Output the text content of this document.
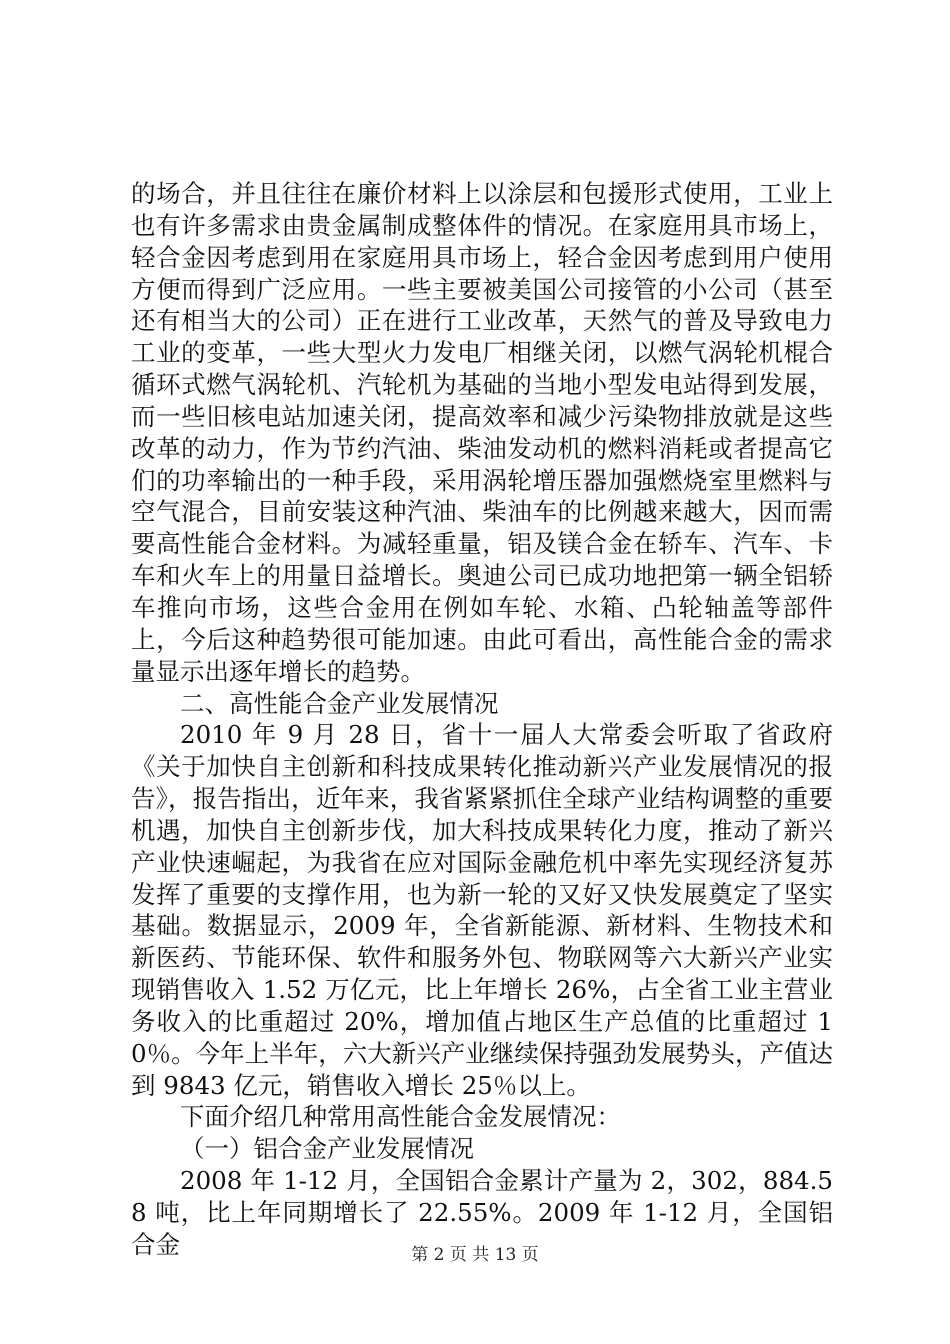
的场合，并且往往在廉价材料上以涂层和包援形式使用，工业上也有许多需求由贵金属制成整体件的情况。在家庭用具市场上，轻合金因考虑到用在家庭用具市场上，轻合金因考虑到用户使用方便而得到广泛应用。一些主要被美国公司接管的小公司（甚至还有相当大的公司）正在进行工业改革，天然气的普及导致电力工业的变革，一些大型火力发电厂相继关闭，以燃气涡轮机棍合循环式燃气涡轮机、汽轮机为基础的当地小型发电站得到发展，而一些旧核电站加速关闭，提高效率和减少污染物排放就是这些改革的动力，作为节约汽油、柴油发动机的燃料消耗或者提高它们的功率输出的一种手段，采用涡轮增压器加强燃烧室里燃料与空气混合，目前安装这种汽油、柴油车的比例越来越大，因而需要高性能合金材料。为减轻重量，铝及镁合金在轿车、汽车、卡车和火车上的用量日益增长。奥迪公司已成功地把第一辆全铝轿车推向市场，这些合金用在例如车轮、水箱、凸轮轴盖等部件上，今后这种趋势很可能加速。由此可看出，高性能合金的需求量显示出逐年增长的趋势。

二、高性能合金产业发展情况

2010 年 9 月 28 日，省十一届人大常委会听取了省政府《关于加快自主创新和科技成果转化推动新兴产业发展情况的报告》，报告指出，近年来，我省紧紧抓住全球产业结构调整的重要机遇，加快自主创新步伐，加大科技成果转化力度，推动了新兴产业快速崛起，为我省在应对国际金融危机中率先实现经济复苏发挥了重要的支撑作用，也为新一轮的又好又快发展奠定了坚实基础。数据显示，2009 年，全省新能源、新材料、生物技术和新医药、节能环保、软件和服务外包、物联网等六大新兴产业实现销售收入 1.52 万亿元，比上年增长 26%，占全省工业主营业务收入的比重超过 20%，增加值占地区生产总值的比重超过 10％。今年上半年，六大新兴产业继续保持强劲发展势头，产值达到 9843 亿元，销售收入增长 25％以上。

下面介绍几种常用高性能合金发展情况：

（一）铝合金产业发展情况

2008 年 1-12 月，全国铝合金累计产量为 2，302，884.58 吨，比上年同期增长了 22.55%。2009 年 1-12 月，全国铝合金	第 2 页 共 13 页
